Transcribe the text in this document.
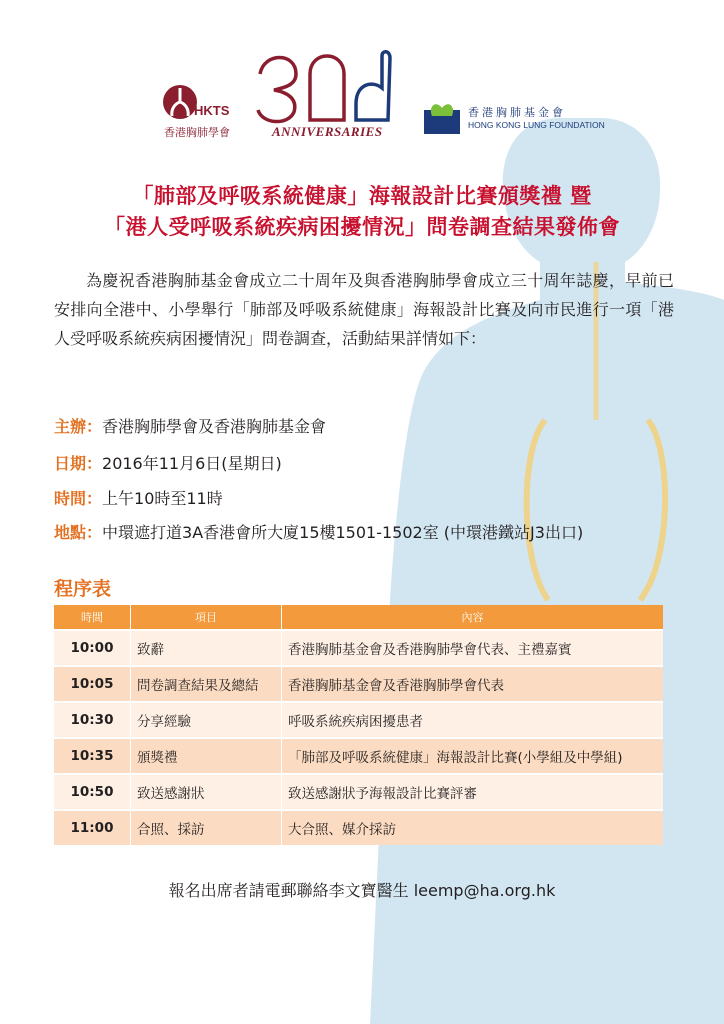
HKTS
香港胸肺學會	ANNIVERSARIES
香港胸肺基金會
HONG KONG LUNG FOUNDATION
「肺部及呼吸系統健康」海報設計比賽頒獎禮 暨
「港人受呼吸系統疾病困擾情況」問卷調查結果發佈會

為慶祝香港胸肺基金會成立二十周年及與香港胸肺學會成立三十周年誌慶，早前已安排向全港中、小學舉行「肺部及呼吸系統健康」海報設計比賽及向市民進行一項「港人受呼吸系統疾病困擾情況」問卷調查，活動結果詳情如下：

主辦：香港胸肺學會及香港胸肺基金會
日期：2016年11月6日(星期日)
時間：上午10時至11時
地點：中環遮打道3A香港會所大廈15樓1501-1502室 (中環港鐵站J3出口)
程序表
時間	項目	內容
10:00	致辭	香港胸肺基金會及香港胸肺學會代表、主禮嘉賓
10:05	問卷調查結果及總結	香港胸肺基金會及香港胸肺學會代表
10:30	分享經驗	呼吸系統疾病困擾患者
10:35	頒獎禮	「肺部及呼吸系統健康」海報設計比賽(小學組及中學組)
10:50	致送感謝狀	致送感謝狀予海報設計比賽評審
11:00	合照、採訪	大合照、媒介採訪
報名出席者請電郵聯絡李文寶醫生 leemp@ha.org.hk
